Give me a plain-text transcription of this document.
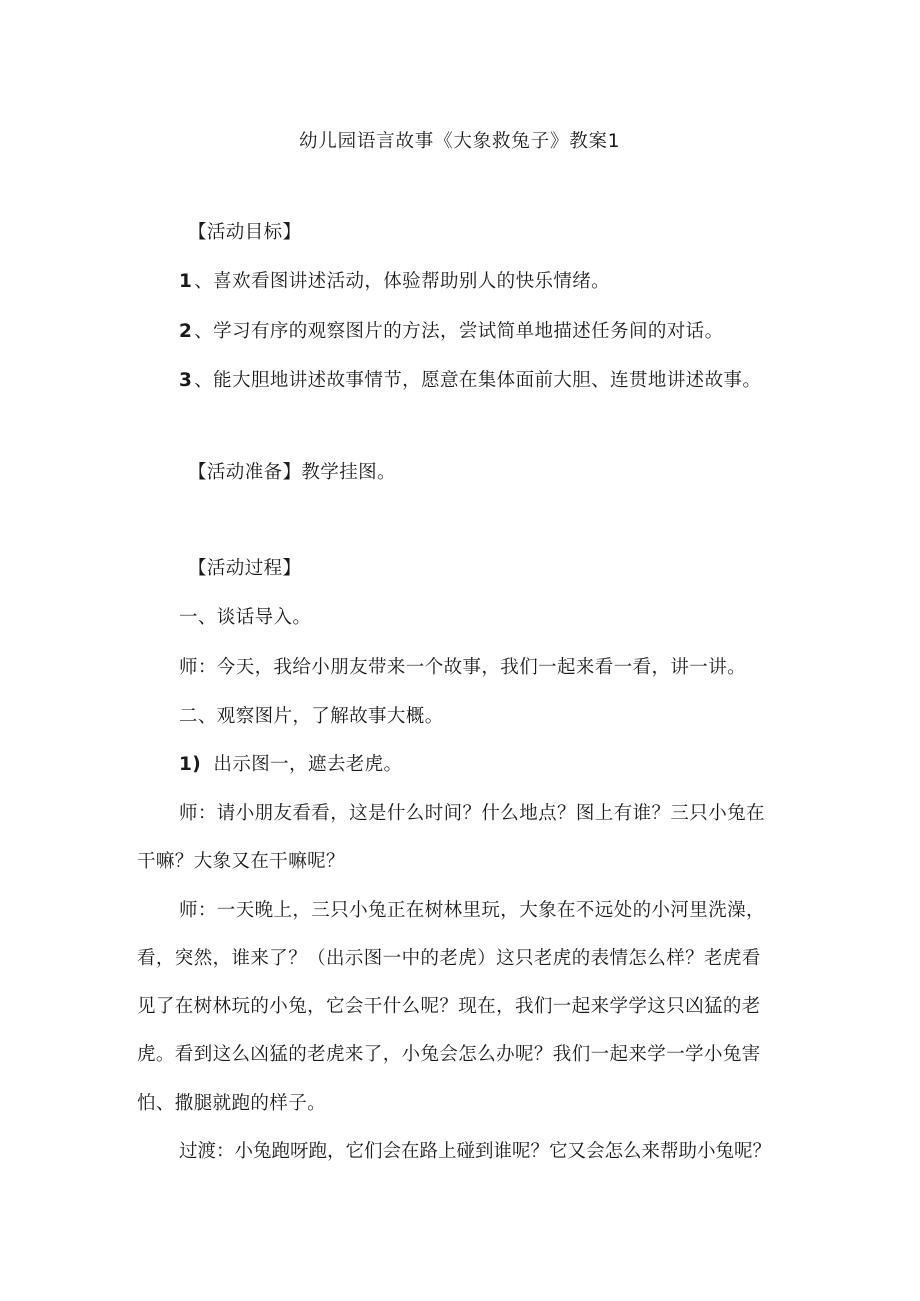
幼儿园语言故事《大象救兔子》教案1
【活动目标】
1 、喜欢看图讲述活动，体验帮助别人的快乐情绪。
2 、学习有序的观察图片的方法，尝试简单地描述任务间的对话。
3 、能大胆地讲述故事情节，愿意在集体面前大胆、连贯地讲述故事。
【活动准备】教学挂图。
【活动过程】
一、谈话导入。
师：今天，我给小朋友带来一个故事，我们一起来看一看，讲一讲。
二、观察图片，了解故事大概。
1) 出示图一，遮去老虎。
师：请小朋友看看，这是什么时间？什么地点？图上有谁？三只小兔在
干嘛？大象又在干嘛呢？
师：一天晚上，三只小兔正在树林里玩，大象在不远处的小河里洗澡，
看，突然，谁来了？（出示图一中的老虎）这只老虎的表情怎么样？老虎看
见了在树林玩的小兔，它会干什么呢？现在，我们一起来学学这只凶猛的老
虎。看到这么凶猛的老虎来了，小兔会怎么办呢？我们一起来学一学小兔害
怕、撒腿就跑的样子。
过渡：小兔跑呀跑，它们会在路上碰到谁呢？它又会怎么来帮助小兔呢？
